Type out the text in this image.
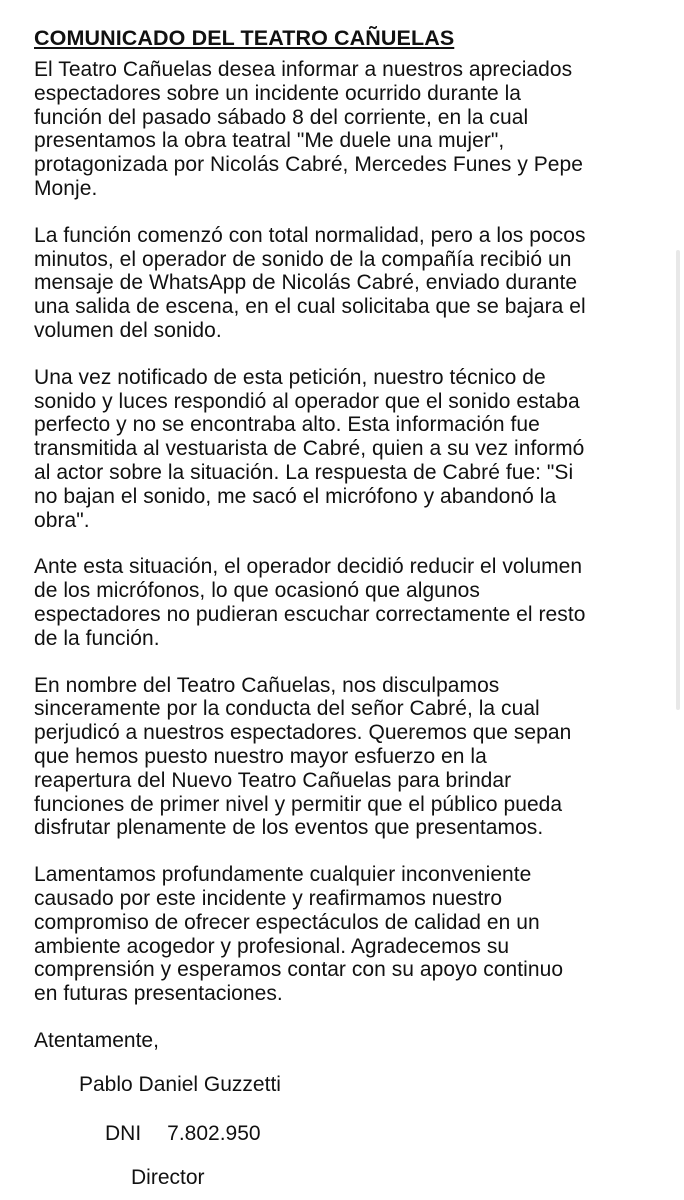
COMUNICADO DEL TEATRO CAÑUELAS
El Teatro Cañuelas desea informar a nuestros apreciados
espectadores sobre un incidente ocurrido durante la
función del pasado sábado 8 del corriente, en la cual
presentamos la obra teatral "Me duele una mujer",
protagonizada por Nicolás Cabré, Mercedes Funes y Pepe
Monje.
La función comenzó con total normalidad, pero a los pocos
minutos, el operador de sonido de la compañía recibió un
mensaje de WhatsApp de Nicolás Cabré, enviado durante
una salida de escena, en el cual solicitaba que se bajara el
volumen del sonido.
Una vez notificado de esta petición, nuestro técnico de
sonido y luces respondió al operador que el sonido estaba
perfecto y no se encontraba alto. Esta información fue
transmitida al vestuarista de Cabré, quien a su vez informó
al actor sobre la situación. La respuesta de Cabré fue: "Si
no bajan el sonido, me sacó el micrófono y abandonó la
obra".
Ante esta situación, el operador decidió reducir el volumen
de los micrófonos, lo que ocasionó que algunos
espectadores no pudieran escuchar correctamente el resto
de la función.
En nombre del Teatro Cañuelas, nos disculpamos
sinceramente por la conducta del señor Cabré, la cual
perjudicó a nuestros espectadores. Queremos que sepan
que hemos puesto nuestro mayor esfuerzo en la
reapertura del Nuevo Teatro Cañuelas para brindar
funciones de primer nivel y permitir que el público pueda
disfrutar plenamente de los eventos que presentamos.
Lamentamos profundamente cualquier inconveniente
causado por este incidente y reafirmamos nuestro
compromiso de ofrecer espectáculos de calidad en un
ambiente acogedor y profesional. Agradecemos su
comprensión y esperamos contar con su apoyo continuo
en futuras presentaciones.
Atentamente,
Pablo Daniel Guzzetti
DNI 7.802.950
Director
